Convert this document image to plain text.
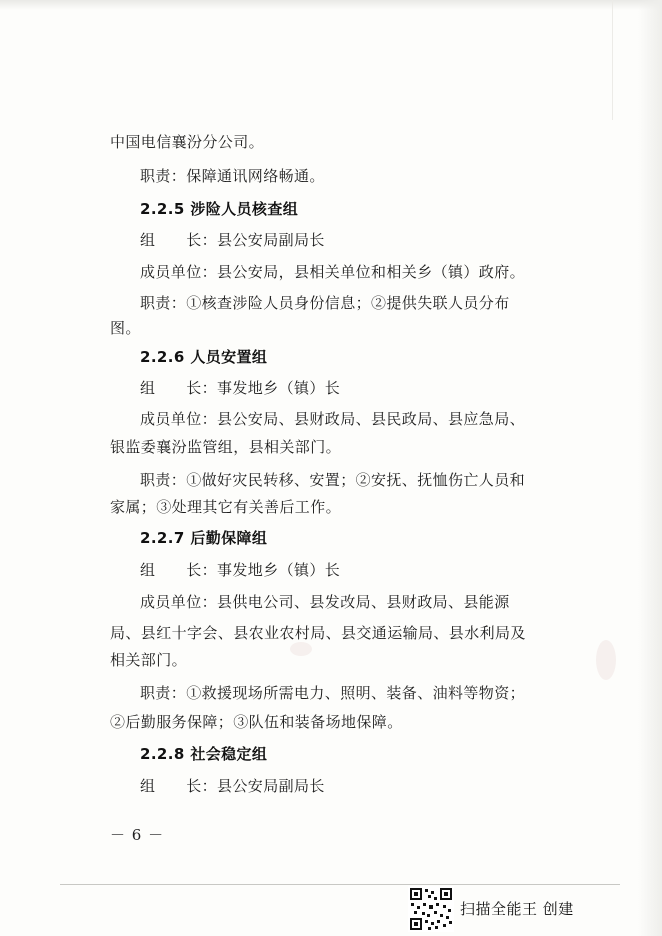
中国电信襄汾分公司。
职责：保障通讯网络畅通。
2.2.5 涉险人员核查组
组　　长：县公安局副局长
成员单位：县公安局，县相关单位和相关乡（镇）政府。
职责：①核查涉险人员身份信息；②提供失联人员分布
图。
2.2.6 人员安置组
组　　长：事发地乡（镇）长
成员单位：县公安局、县财政局、县民政局、县应急局、
银监委襄汾监管组，县相关部门。
职责：①做好灾民转移、安置；②安抚、抚恤伤亡人员和
家属；③处理其它有关善后工作。
2.2.7 后勤保障组
组　　长：事发地乡（镇）长
成员单位：县供电公司、县发改局、县财政局、县能源
局、县红十字会、县农业农村局、县交通运输局、县水利局及
相关部门。
职责：①救援现场所需电力、照明、装备、油料等物资；
②后勤服务保障；③队伍和装备场地保障。
2.2.8 社会稳定组
组　　长：县公安局副局长
－ 6 －
扫描全能王 创建
